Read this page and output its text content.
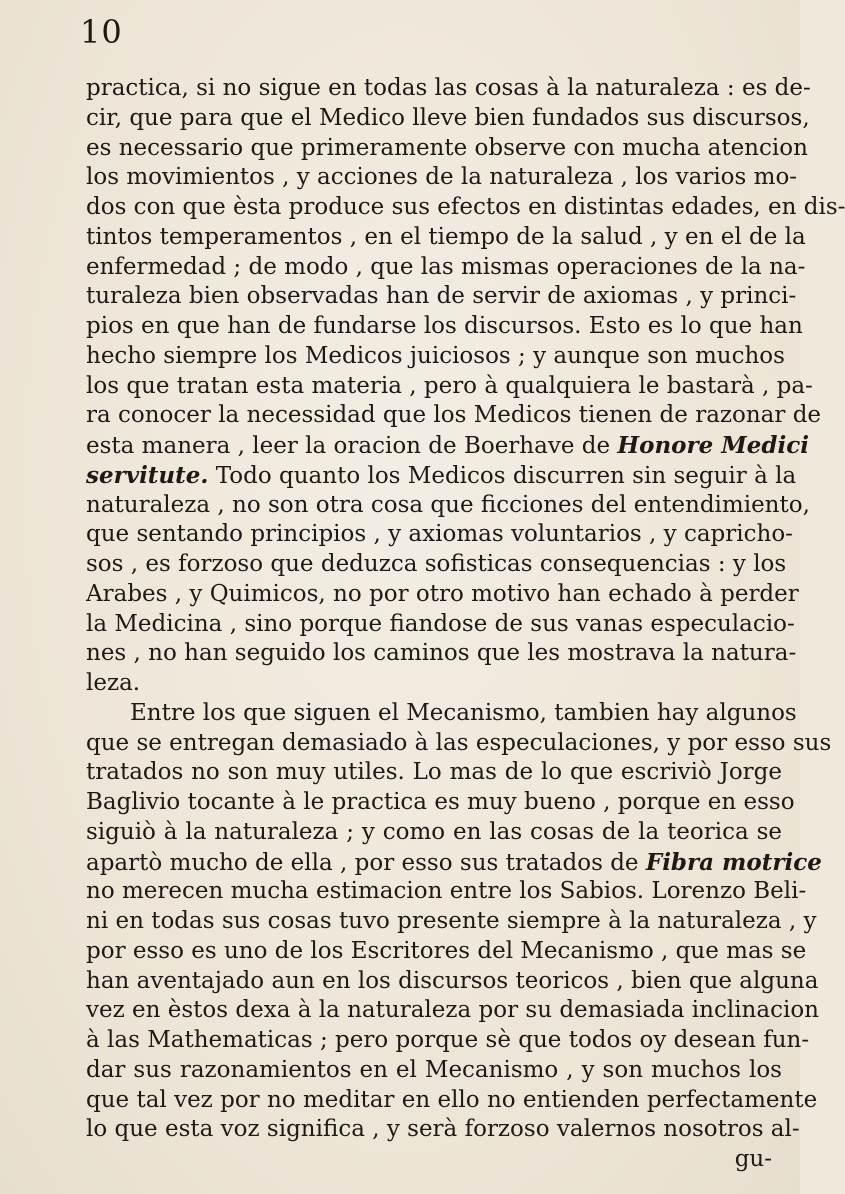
10
practica, si no sigue en todas las cosas à la naturaleza : es de-
cir, que para que el Medico lleve bien fundados sus discursos,
es necessario que primeramente observe con mucha atencion
los movimientos , y acciones de la naturaleza , los varios mo-
dos con que èsta produce sus efectos en distintas edades, en dis-
tintos temperamentos , en el tiempo de la salud , y en el de la
enfermedad ; de modo , que las mismas operaciones de la na-
turaleza bien observadas han de servir de axiomas , y princi-
pios en que han de fundarse los discursos. Esto es lo que han
hecho siempre los Medicos juiciosos ; y aunque son muchos
los que tratan esta materia , pero à qualquiera le bastarà , pa-
ra conocer la necessidad que los Medicos tienen de razonar de
esta manera , leer la oracion de Boerhave de Honore Medici
servitute. Todo quanto los Medicos discurren sin seguir à la
naturaleza , no son otra cosa que ficciones del entendimiento,
que sentando principios , y axiomas voluntarios , y capricho-
sos , es forzoso que deduzca sofisticas consequencias : y los
Arabes , y Quimicos, no por otro motivo han echado à perder
la Medicina , sino porque fiandose de sus vanas especulacio-
nes , no han seguido los caminos que les mostrava la natura-
leza.
Entre los que siguen el Mecanismo, tambien hay algunos
que se entregan demasiado à las especulaciones, y por esso sus
tratados no son muy utiles. Lo mas de lo que escriviò Jorge
Baglivio tocante à le practica es muy bueno , porque en esso
siguiò à la naturaleza ; y como en las cosas de la teorica se
apartò mucho de ella , por esso sus tratados de Fibra motrice
no merecen mucha estimacion entre los Sabios. Lorenzo Beli-
ni en todas sus cosas tuvo presente siempre à la naturaleza , y
por esso es uno de los Escritores del Mecanismo , que mas se
han aventajado aun en los discursos teoricos , bien que alguna
vez en èstos dexa à la naturaleza por su demasiada inclinacion
à las Mathematicas ; pero porque sè que todos oy desean fun-
dar sus razonamientos en el Mecanismo , y son muchos los
que tal vez por no meditar en ello no entienden perfectamente
lo que esta voz significa , y serà forzoso valernos nosotros al-
gu-
